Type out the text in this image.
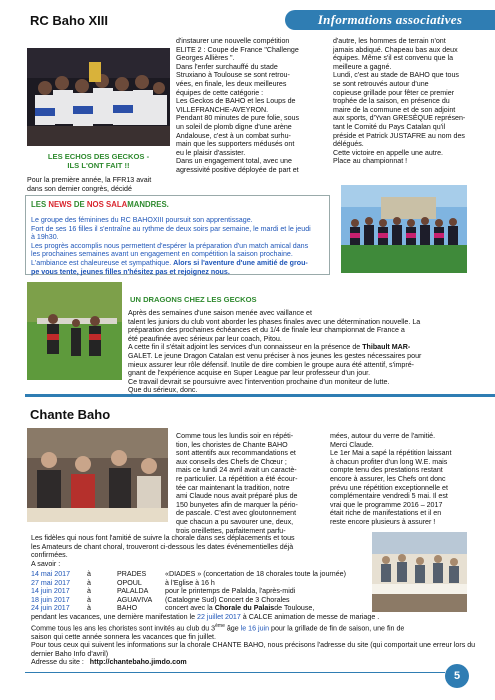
Informations associatives
RC Baho XIII
LES ECHOS DES GECKOS -
ILS L'ONT FAIT !!

Pour la première année, la FFR13 avait

dans son dernier congrès, décidé

d'instaurer une nouvelle compétition

ELITE 2 : Coupe de France "Challenge

Georges Allières ".

Dans l'enfer surchauffé du stade

Struxiano à Toulouse se sont retrou-

vées, en finale, les deux meilleures

équipes de cette catégorie :

Les Geckos de BAHO et les Loups de

VILLEFRANCHE-AVEYRON.

Pendant 80 minutes de pure folie, sous

un soleil de plomb digne d'une arène

Andalouse, c'est à un combat surhu-

main que les supporters médusés ont

eu le plaisir d'assister.

Dans un engagement total, avec une

agressivité positive déployée de part et

d'autre, les hommes de terrain n'ont

jamais abdiqué. Chapeau bas aux deux

équipes. Même s'il est convenu que la

meilleure a gagné.

Lundi, c'est au stade de BAHO que tous

se sont retrouvés autour d'une

copieuse grillade pour fêter ce premier

trophée de la saison, en présence du

maire de la commune et de son adjoint

aux sports, d'Yvan GRESÈQUE représen-

tant le Comité du Pays Catalan qu'il

préside et Patrick JUSTAFRE au nom des

délégués.

Cette victoire en appelle une autre.

Place au championnat !

LES NEWS DE NOS SALAMANDRES.

Le groupe des féminines du RC BAHOXIII poursuit son apprentissage.

Fort de ses 16 filles il s'entraîne au rythme de deux soirs par semaine, le mardi et le jeudi

à 19h30.

Les progrès accomplis nous permettent d'espérer la préparation d'un match amical dans

les prochaines semaines avant un engagement en compétition la saison prochaine.

L'ambiance est chaleureuse et sympathique. Alors si l'aventure d'une amitié de grou-

pe vous tente, jeunes filles n'hésitez pas et rejoignez nous.

UN DRAGONS CHEZ LES GECKOS

Après des semaines d'une saison menée avec vaillance et

talent les juniors du club vont aborder les phases finales avec une détermination nouvelle. La

préparation des prochaines échéances et du 1/4 de finale leur championnat de France a

été peaufinée avec sérieux par leur coach, Pitou.

A cette fin il s'était adjoint les services d'un connaisseur en la présence de Thibault MAR-

GALET. Le jeune Dragon Catalan est venu préciser à nos jeunes les gestes nécessaires pour

mieux assurer leur rôle défensif. Inutile de dire combien le groupe aura été attentif, s'impré-

gnant de l'expérience acquise en Super League par leur professeur d'un jour.

Ce travail devrait se poursuivre avec l'intervention prochaine d'un moniteur de lutte.

Que du sérieux, donc.

Chante Baho

Comme tous les lundis soir en répéti-

tion, les choristes de Chante BAHO

sont attentifs aux recommandations et

aux conseils des Chefs de Chœur ;

mais ce lundi 24 avril avait un caractè-

re particulier. La répétition a été écour-

tée car maintenant la tradition, notre

ami Claude nous avait préparé plus de

150 bunyetes afin de marquer la pério-

de pascale. C'est avec gloutonnement

que chacun a pu savourer une, deux,

trois oreillettes, parfaitement parfu-

mées, autour du verre de l'amitié.

Merci Claude.

Le 1er Mai a sapé la répétition laissant

à chacun profiter d'un long W.E. mais

compte tenu des prestations restant

encore à assurer, les Chefs ont donc

prévu une répétition exceptionnelle et

complémentaire vendredi 5 mai. Il est

vrai que le programme 2016 – 2017

était riche de manifestations et il en

reste encore plusieurs à assurer !

Les fidèles qui nous font l'amitié de suivre la chorale dans ses déplacements et tous

les Amateurs de chant choral, trouveront ci-dessous les dates événementielles déjà

confirmées.

A savoir :

14 mai 2017 à	PRADES	«DIADES » (concertation de 18 chorales toute la journée)

27 mai 2017 à	OPOUL	à l'Eglise à 16 h

14 juin 2017 à	PALALDA pour le printemps de Palalda, l'après-midi

18 juin 2017 à	AGUAVIVA (Catalogne Sud) Concert de 3 Chorales

24 juin 2017 à	BAHO	concert avec la Chorale du Palaisde Toulouse,

pendant les vacances, une dernière manifestation le 22 juillet 2017 à CALCE animation de messe de mariage .

Comme tous les ans les choristes sont invités au club du 3ème âge le 16 juin pour la grillade de fin de saison, une fin de

saison qui cette année sonnera les vacances que fin juillet.

Pour tous ceux qui suivent les informations sur la chorale CHANTE BAHO, nous précisons l'adresse du site (qui comportait une erreur lors du dernier Baho Info d'avril)

Adresse du site : http://chantebaho.jimdo.com

5
